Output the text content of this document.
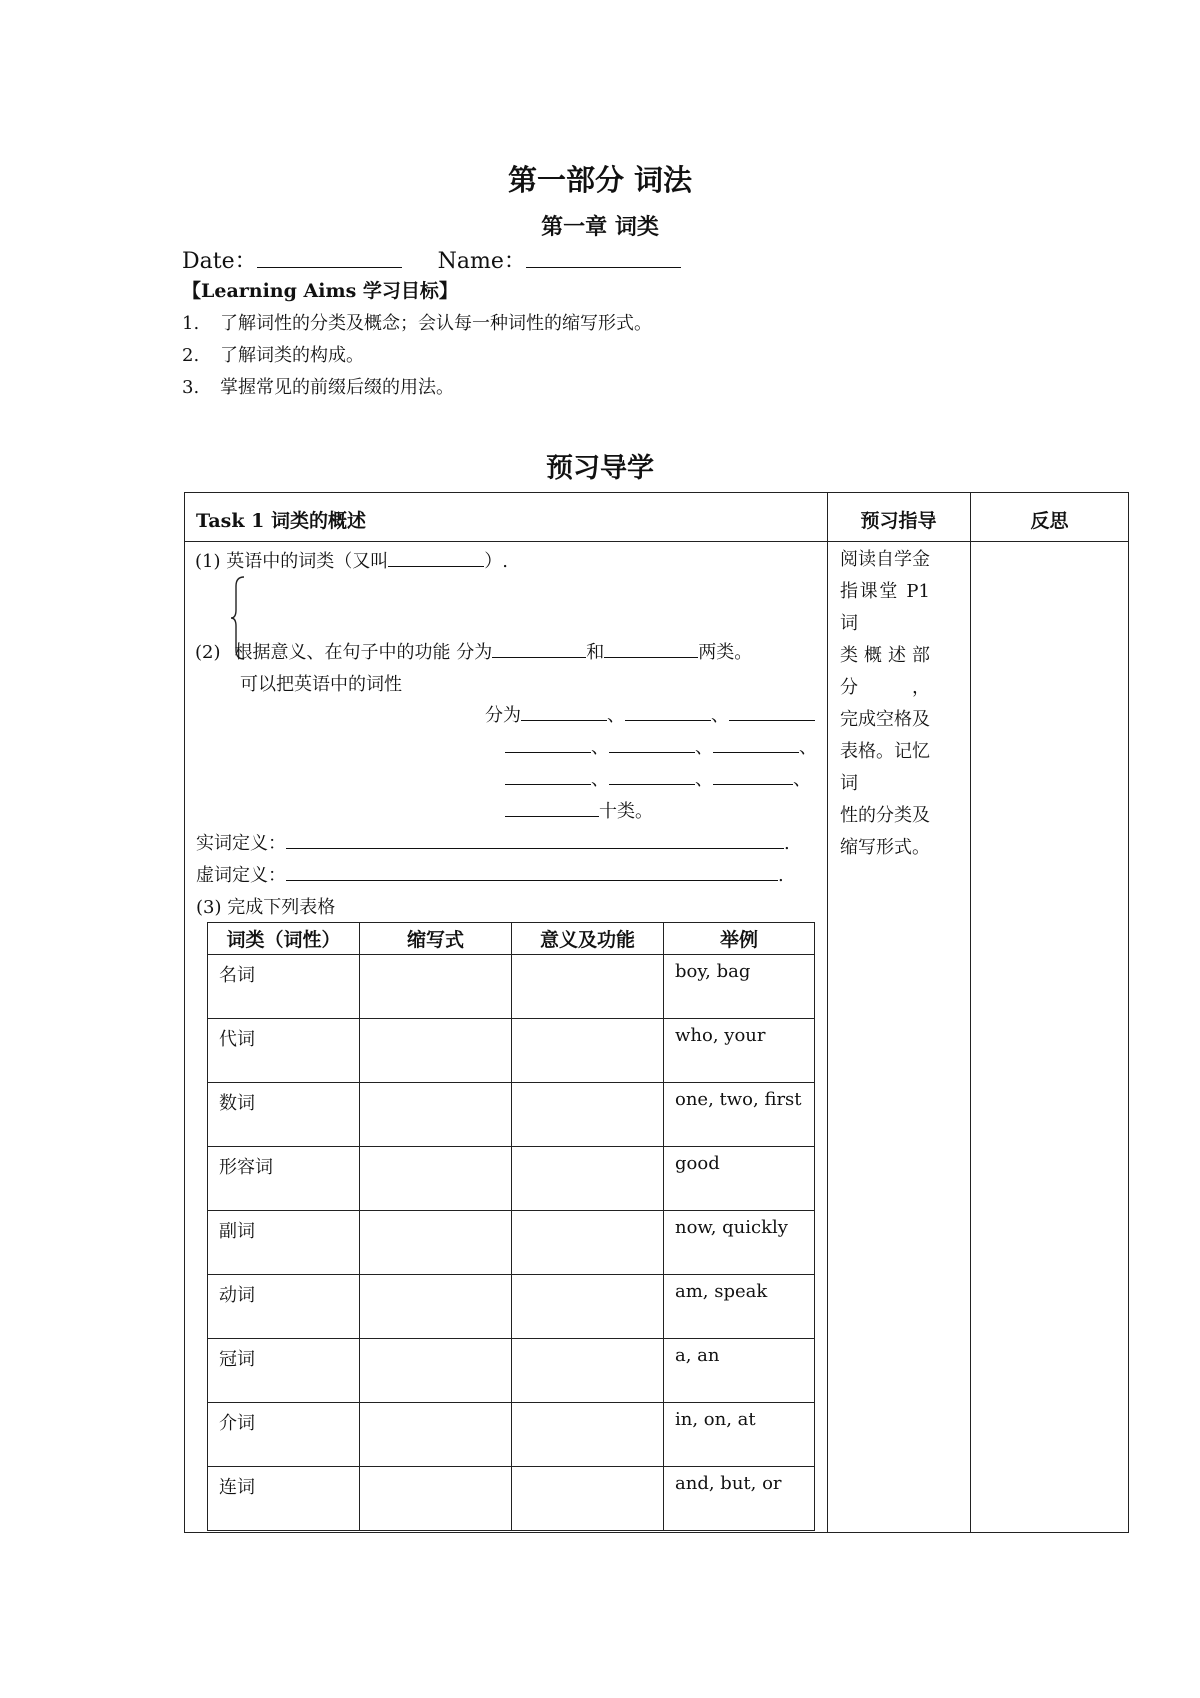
第一部分 词法
第一章 词类
Date：	Name：
【Learning Aims 学习目标】
1. 了解词性的分类及概念；会认每一种词性的缩写形式。
2. 了解词类的构成。
3. 掌握常见的前缀后缀的用法。
预习导学
Task 1 词类的概述	预习指导	反思
阅读自学金
指课堂 P1 词
类概述部分，
完成空格及
表格。记忆词
性的分类及
缩写形式。
(1) 英语中的词类（又叫	）.
(2) 根据意义、在句子中的功能 分为	和	两类。
可以把英语中的词性
分为	、	、
、	、	、
、	、	、
十类。
实词定义：	.
虚词定义：	.
(3) 完成下列表格
词类（词性）	缩写式	意义及功能	举例
名词			boy, bag
代词			who, your
数词			one, two, first
形容词			good
副词			now, quickly
动词			am, speak
冠词			a, an
介词			in, on, at
连词			and, but, or
